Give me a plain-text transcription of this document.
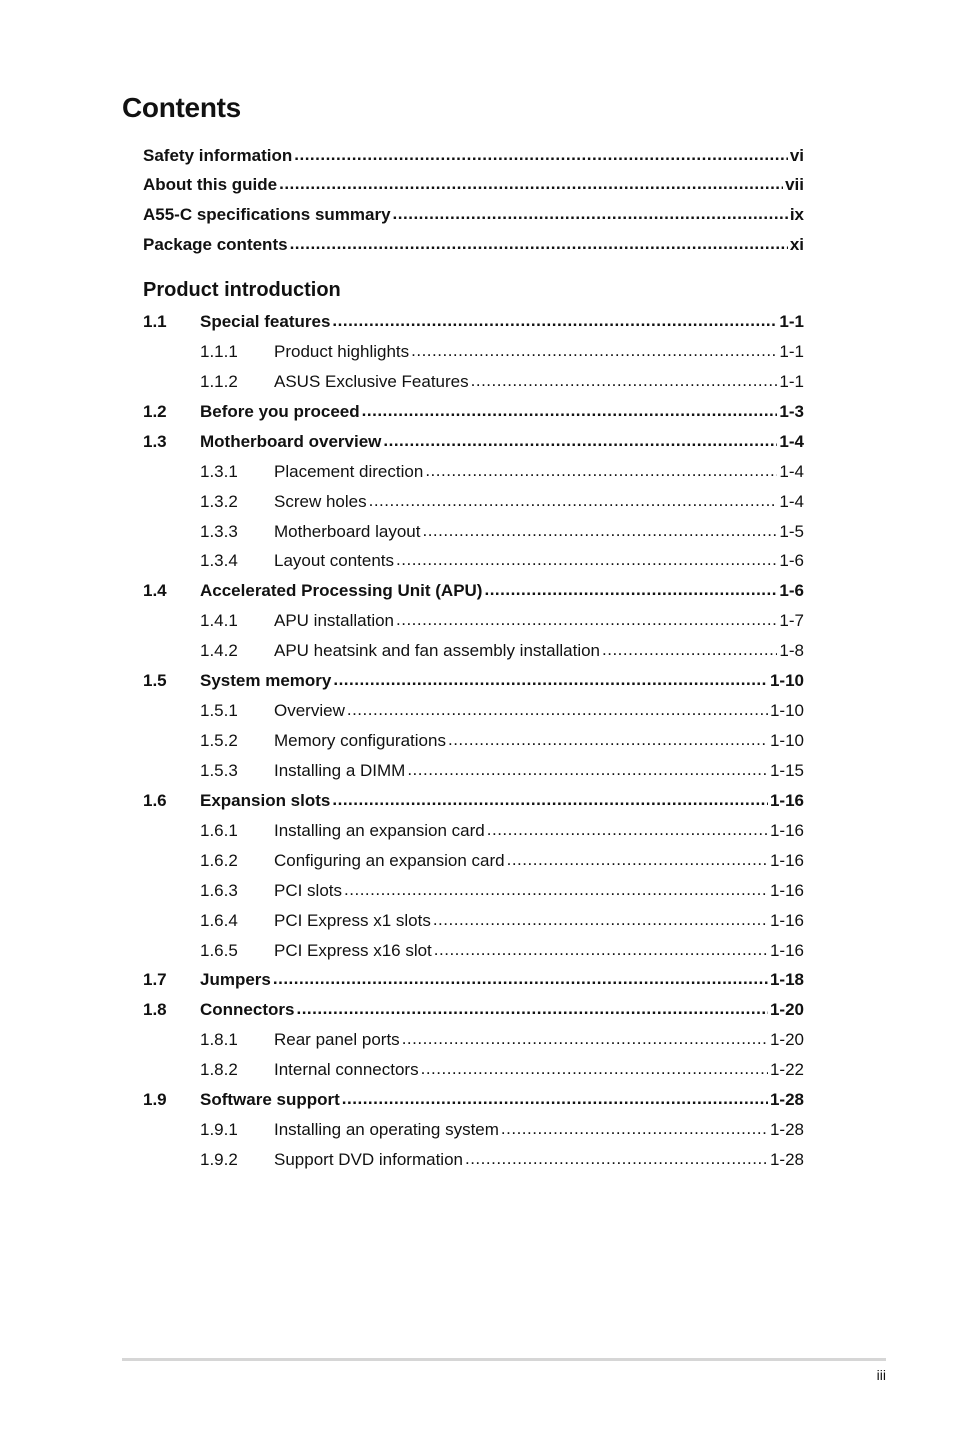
Contents
Safety information .....	vi
About this guide .....	vii
A55-C specifications summary .....	ix
Package contents .....	xi
Product introduction
1.1	Special features .....	1-1
1.1.1	Product highlights .....	1-1
1.1.2	ASUS Exclusive Features .....	1-1
1.2	Before you proceed .....	1-3
1.3	Motherboard overview .....	1-4
1.3.1	Placement direction .....	1-4
1.3.2	Screw holes .....	1-4
1.3.3	Motherboard layout .....	1-5
1.3.4	Layout contents .....	1-6
1.4	Accelerated Processing Unit (APU) .....	1-6
1.4.1	APU installation .....	1-7
1.4.2	APU heatsink and fan assembly installation .....	1-8
1.5	System memory .....	1-10
1.5.1	Overview .....	1-10
1.5.2	Memory configurations .....	1-10
1.5.3	Installing a DIMM .....	1-15
1.6	Expansion slots .....	1-16
1.6.1	Installing an expansion card .....	1-16
1.6.2	Configuring an expansion card .....	1-16
1.6.3	PCI slots .....	1-16
1.6.4	PCI Express x1 slots .....	1-16
1.6.5	PCI Express x16 slot .....	1-16
1.7	Jumpers .....	1-18
1.8	Connectors .....	1-20
1.8.1	Rear panel ports .....	1-20
1.8.2	Internal connectors .....	1-22
1.9	Software support .....	1-28
1.9.1	Installing an operating system .....	1-28
1.9.2	Support DVD information .....	1-28
iii
